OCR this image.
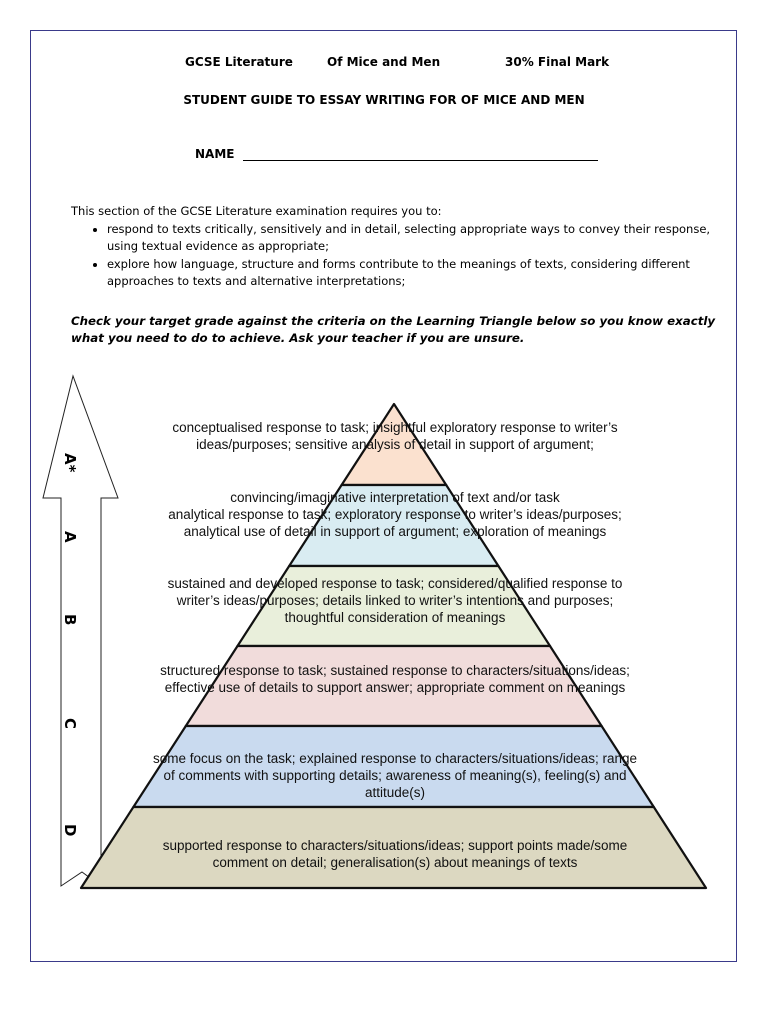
GCSE Literature	Of Mice and Men	30% Final Mark
STUDENT GUIDE TO ESSAY WRITING FOR OF MICE AND MEN
NAME
This section of the GCSE Literature examination requires you to:
• respond to texts critically, sensitively and in detail, selecting appropriate ways to convey their response, using textual evidence as appropriate;
• explore how language, structure and forms contribute to the meanings of texts, considering different approaches to texts and alternative interpretations;
Check your target grade against the criteria on the Learning Triangle below so you know exactly what you need to do to achieve. Ask your teacher if you are unsure.
A*
A
B
C
D
conceptualised response to task; insightful exploratory response to writer’s
ideas/purposes; sensitive analysis of detail in support of argument;
convincing/imaginative interpretation of text and/or task
analytical response to task; exploratory response to writer’s ideas/purposes;
analytical use of detail in support of argument; exploration of meanings
sustained and developed response to task; considered/qualified response to
writer’s ideas/purposes; details linked to writer’s intentions and purposes;
thoughtful consideration of meanings
structured response to task; sustained response to characters/situations/ideas;
effective use of details to support answer; appropriate comment on meanings
some focus on the task; explained response to characters/situations/ideas; range
of comments with supporting details; awareness of meaning(s), feeling(s) and
attitude(s)
supported response to characters/situations/ideas; support points made/some
comment on detail; generalisation(s) about meanings of texts
